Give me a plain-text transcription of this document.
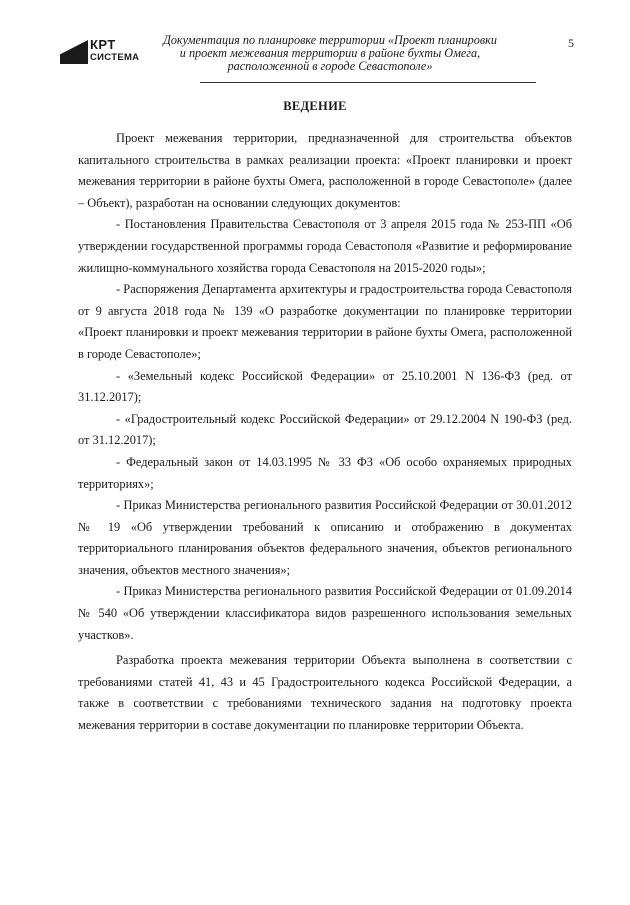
КРТ
СИСТЕМА
Документация по планировке территории «Проект планировки
и проект межевания территории в районе бухты Омега,
расположенной в городе Севастополе»
5
ВЕДЕНИЕ

Проект межевания территории, предназначенной для строительства объектов капитального строительства в рамках реализации проекта: «Проект планировки и проект межевания территории в районе бухты Омега, расположенной в городе Севастополе» (далее – Объект), разработан на основании следующих документов:

- Постановления Правительства Севастополя от 3 апреля 2015 года № 253-ПП «Об утверждении государственной программы города Севастополя «Развитие и реформирование жилищно-коммунального хозяйства города Севастополя на 2015-2020 годы»;

- Распоряжения Департамента архитектуры и градостроительства города Севастополя от 9 августа 2018 года № 139 «О разработке документации по планировке территории «Проект планировки и проект межевания территории в районе бухты Омега, расположенной в городе Севастополе»;

- «Земельный кодекс Российской Федерации» от 25.10.2001 N 136-ФЗ (ред. от 31.12.2017);

- «Градостроительный кодекс Российской Федерации» от 29.12.2004 N 190-ФЗ (ред. от 31.12.2017);

- Федеральный закон от 14.03.1995 № 33 ФЗ «Об особо охраняемых природных территориях»;

- Приказ Министерства регионального развития Российской Федерации от 30.01.2012 № 19 «Об утверждении требований к описанию и отображению в документах территориального планирования объектов федерального значения, объектов регионального значения, объектов местного значения»;

- Приказ Министерства регионального развития Российской Федерации от 01.09.2014 № 540 «Об утверждении классификатора видов разрешенного использования земельных участков».

Разработка проекта межевания территории Объекта выполнена в соответствии с требованиями статей 41, 43 и 45 Градостроительного кодекса Российской Федерации, а также в соответствии с требованиями технического задания на подготовку проекта межевания территории в составе документации по планировке территории Объекта.
